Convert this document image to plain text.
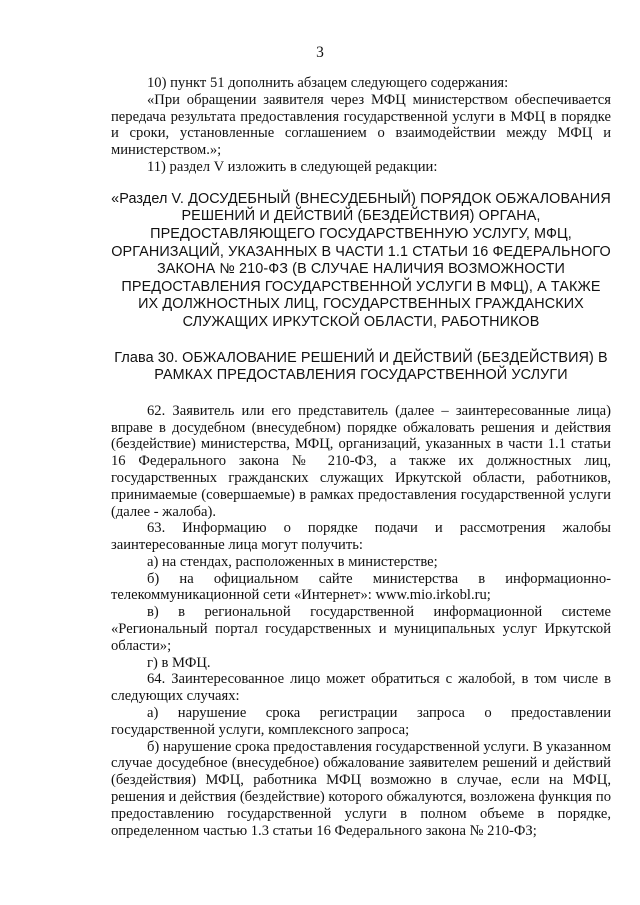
3

10) пункт 51 дополнить абзацем следующего содержания:

«При обращении заявителя через МФЦ министерством обеспечивается передача результата предоставления государственной услуги в МФЦ в порядке и сроки, установленные соглашением о взаимодействии между МФЦ и министерством.»;

11) раздел V изложить в следующей редакции:

«Раздел V. ДОСУДЕБНЫЙ (ВНЕСУДЕБНЫЙ) ПОРЯДОК ОБЖАЛОВАНИЯ РЕШЕНИЙ И ДЕЙСТВИЙ (БЕЗДЕЙСТВИЯ) ОРГАНА, ПРЕДОСТАВЛЯЮЩЕГО ГОСУДАРСТВЕННУЮ УСЛУГУ, МФЦ, ОРГАНИЗАЦИЙ, УКАЗАННЫХ В ЧАСТИ 1.1 СТАТЬИ 16 ФЕДЕРАЛЬНОГО ЗАКОНА № 210-ФЗ (В СЛУЧАЕ НАЛИЧИЯ ВОЗМОЖНОСТИ ПРЕДОСТАВЛЕНИЯ ГОСУДАРСТВЕННОЙ УСЛУГИ В МФЦ), А ТАКЖЕ ИХ ДОЛЖНОСТНЫХ ЛИЦ, ГОСУДАРСТВЕННЫХ ГРАЖДАНСКИХ СЛУЖАЩИХ ИРКУТСКОЙ ОБЛАСТИ, РАБОТНИКОВ

Глава 30. ОБЖАЛОВАНИЕ РЕШЕНИЙ И ДЕЙСТВИЙ (БЕЗДЕЙСТВИЯ) В РАМКАХ ПРЕДОСТАВЛЕНИЯ ГОСУДАРСТВЕННОЙ УСЛУГИ

62. Заявитель или его представитель (далее – заинтересованные лица) вправе в досудебном (внесудебном) порядке обжаловать решения и действия (бездействие) министерства, МФЦ, организаций, указанных в части 1.1 статьи 16 Федерального закона № 210-ФЗ, а также их должностных лиц, государственных гражданских служащих Иркутской области, работников, принимаемые (совершаемые) в рамках предоставления государственной услуги (далее - жалоба).

63. Информацию о порядке подачи и рассмотрения жалобы заинтересованные лица могут получить:

а) на стендах, расположенных в министерстве;

б) на официальном сайте министерства в информационно-телекоммуникационной сети «Интернет»: www.mio.irkobl.ru;

в) в региональной государственной информационной системе «Региональный портал государственных и муниципальных услуг Иркутской области»;

г) в МФЦ.

64. Заинтересованное лицо может обратиться с жалобой, в том числе в следующих случаях:

а) нарушение срока регистрации запроса о предоставлении государственной услуги, комплексного запроса;

б) нарушение срока предоставления государственной услуги. В указанном случае досудебное (внесудебное) обжалование заявителем решений и действий (бездействия) МФЦ, работника МФЦ возможно в случае, если на МФЦ, решения и действия (бездействие) которого обжалуются, возложена функция по предоставлению государственной услуги в полном объеме в порядке, определенном частью 1.3 статьи 16 Федерального закона № 210-ФЗ;
